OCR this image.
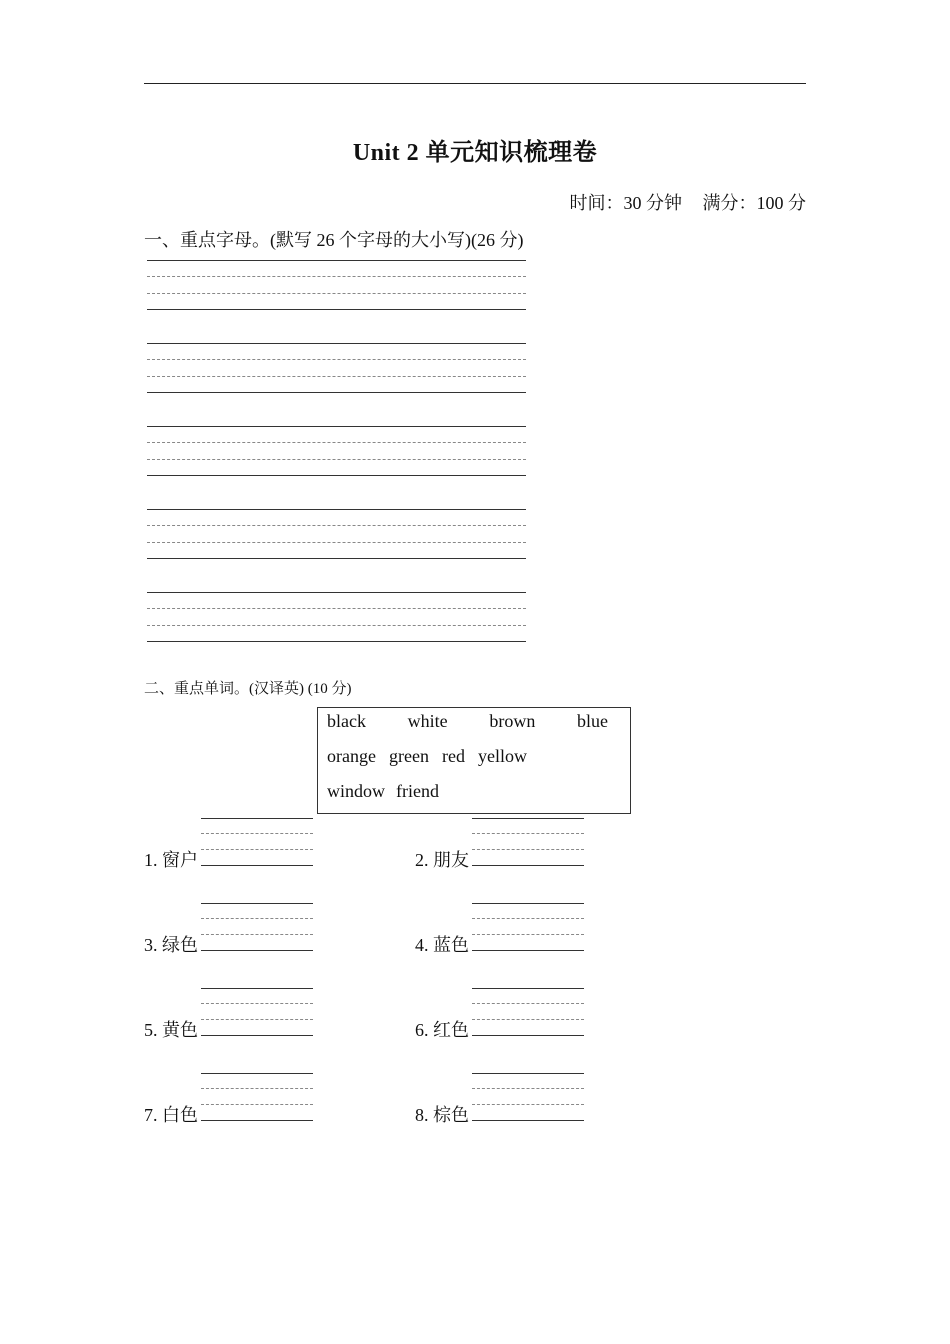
Unit 2 单元知识梳理卷
时间：30 分钟 满分：100 分
一、重点字母。(默写 26 个字母的大小写)(26 分)
二、重点单词。(汉译英) (10 分)
black white brown blue
orange green red yellow
window friend
1. 窗户	2. 朋友
3. 绿色	4. 蓝色
5. 黄色	6. 红色
7. 白色	8. 棕色
